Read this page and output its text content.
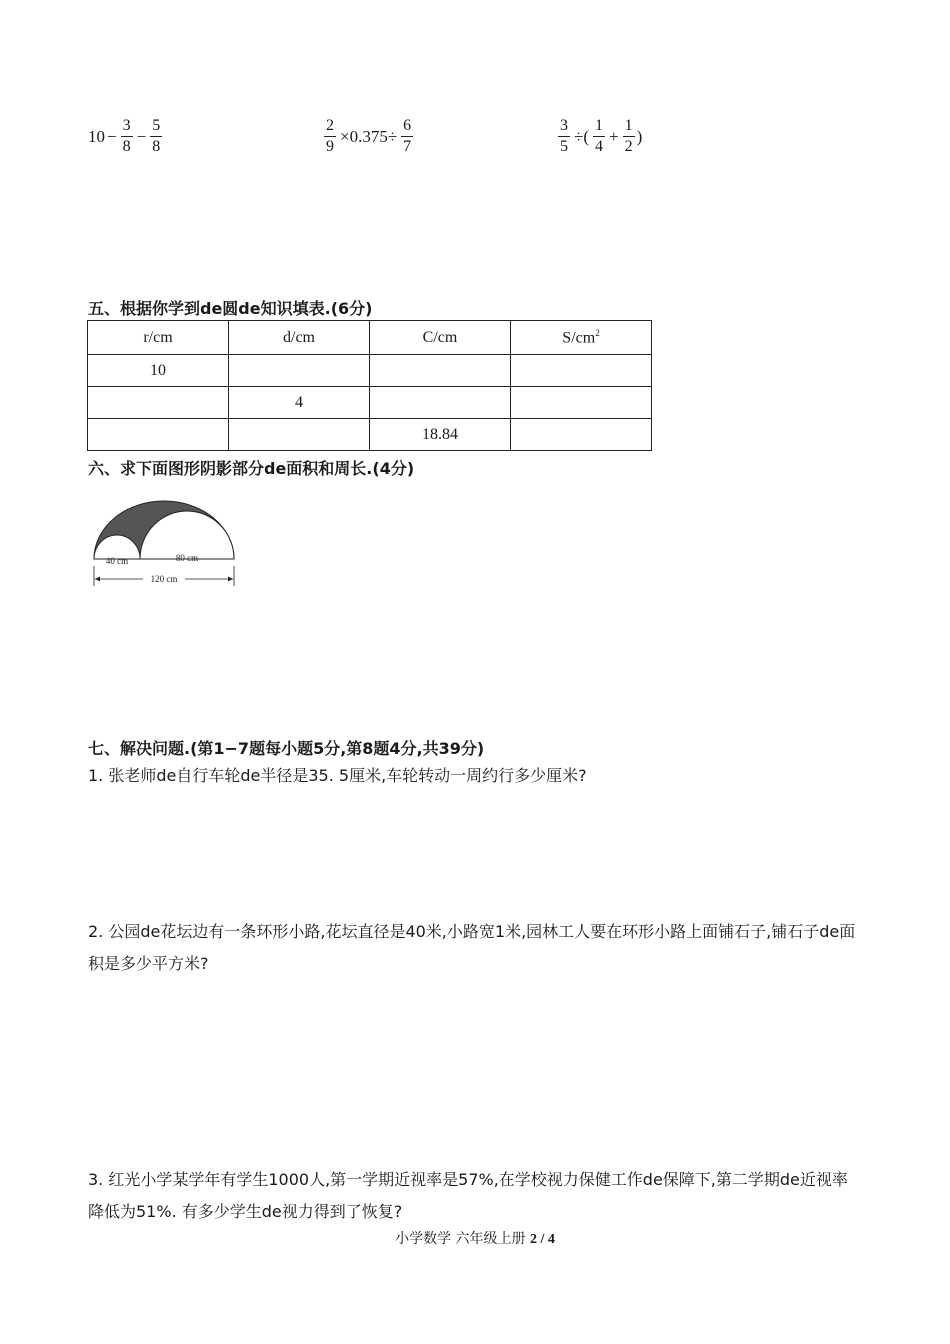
$10 - \frac{3}{8} - \frac{5}{8}$	$\frac{2}{9} \times 0.375\div \frac{6}{7}$	$\frac{3}{5}$ ÷( $\frac{1}{4} + \frac{1}{2}$ )
五、根据你学到de圆de知识填表.(6分)
r/cm	d/cm	C/cm	$S/cm^2$
10			
	4		
		18.84	
六、求下面图形阴影部分de面积和周长.(4分)
40 cm	80 cm
120 cm
七、解决问题.(第1−7题每小题5分,第8题4分,共39分)
1. 张老师de自行车轮de半径是35. 5厘米,车轮转动一周约行多少厘米?
2. 公园de花坛边有一条环形小路,花坛直径是40米,小路宽1米,园林工人要在环形小路上面铺石子,铺石子de面积是多少平方米?
3. 红光小学某学年有学生1000人,第一学期近视率是57%,在学校视力保健工作de保障下,第二学期de近视率降低为51%. 有多少学生de视力得到了恢复?
小学数学 六年级上册 2 / 4
